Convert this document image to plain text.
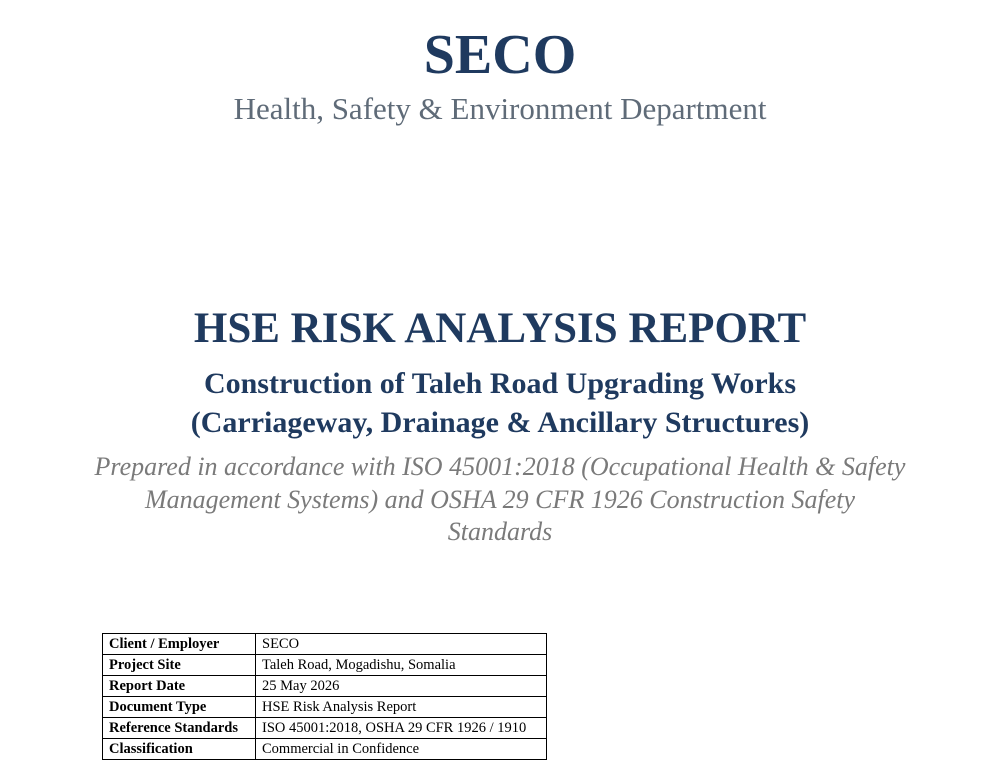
SECO
Health, Safety & Environment Department
HSE RISK ANALYSIS REPORT
Construction of Taleh Road Upgrading Works
(Carriageway, Drainage & Ancillary Structures)

Prepared in accordance with ISO 45001:2018 (Occupational Health & Safety Management Systems) and OSHA 29 CFR 1926 Construction Safety Standards

Client / Employer	SECO
Project Site	Taleh Road, Mogadishu, Somalia
Report Date	25 May 2026
Document Type	HSE Risk Analysis Report
Reference Standards	ISO 45001:2018, OSHA 29 CFR 1926 / 1910
Classification	Commercial in Confidence
